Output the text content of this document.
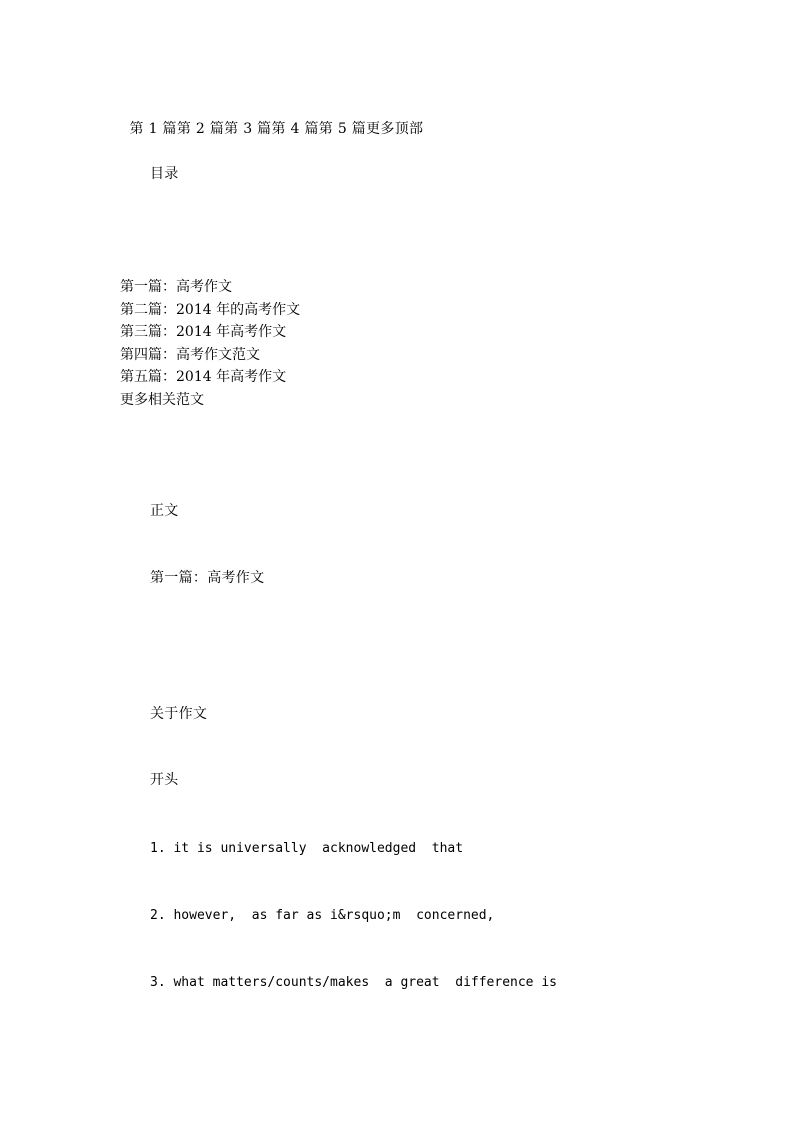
第 1 篇第 2 篇第 3 篇第 4 篇第 5 篇更多顶部

目录
第一篇：高考作文
第二篇：2014 年的高考作文
第三篇：2014 年高考作文
第四篇：高考作文范文
第五篇：2014 年高考作文
更多相关范文
正文
第一篇：高考作文
关于作文
开头
1. it is universally  acknowledged  that
2. however,  as far as i&rsquo;m  concerned,
3. what matters/counts/makes  a great  difference is
